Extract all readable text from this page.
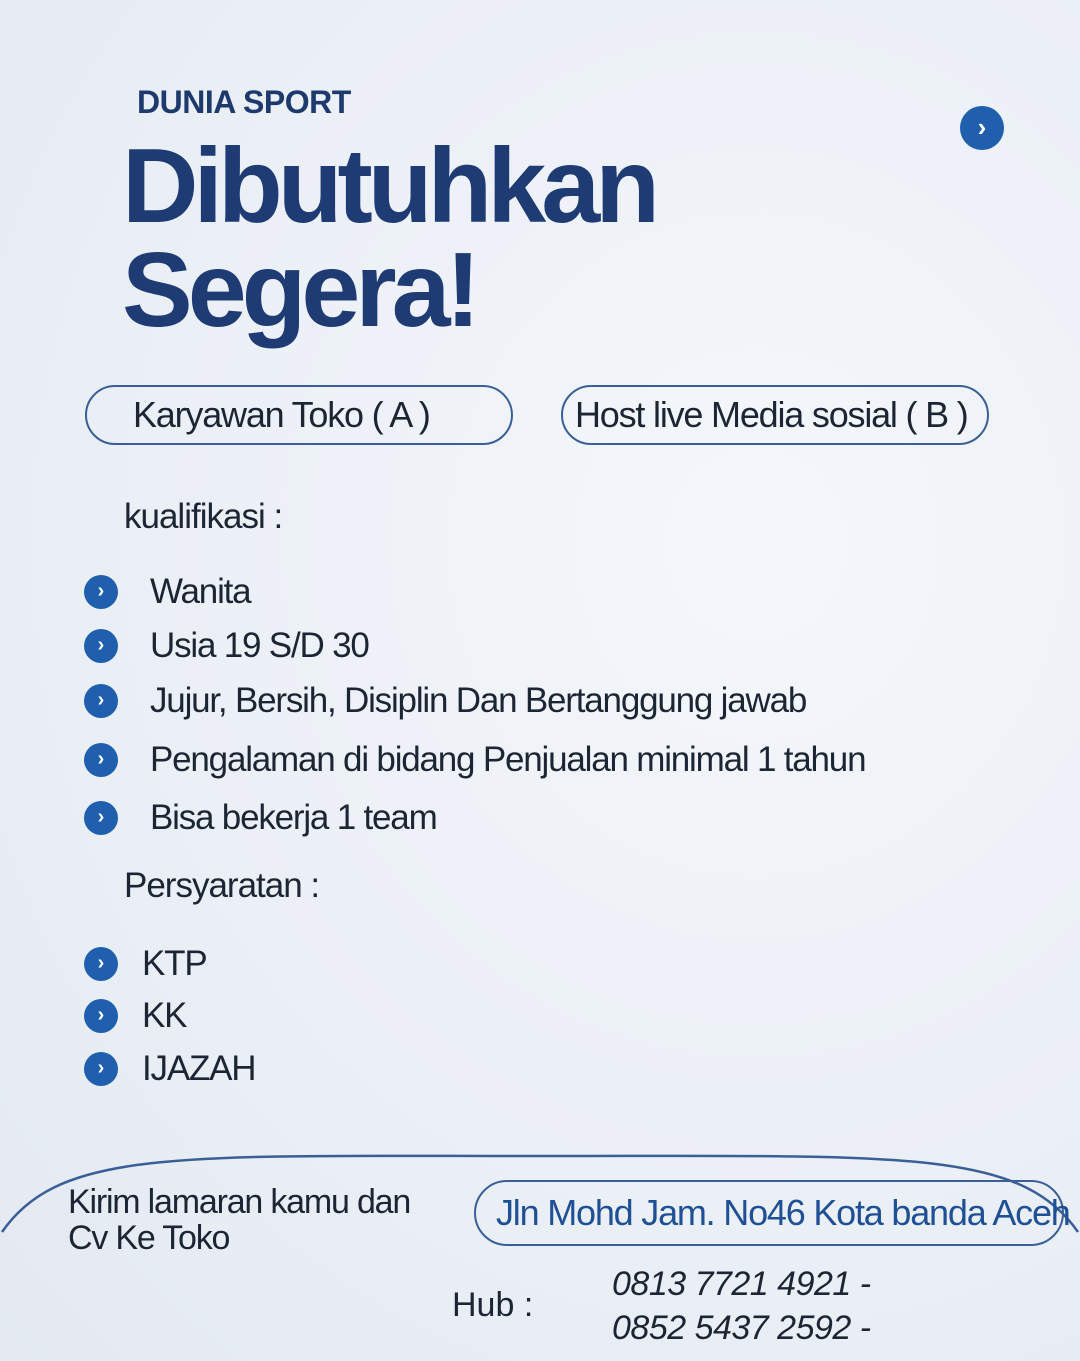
DUNIA SPORT
›
Dibutuhkan
Segera!
Karyawan Toko ( A )	Host live Media sosial ( B )
kualifikasi :
›	Wanita
›	Usia 19 S/D 30
›	Jujur, Bersih, Disiplin Dan Bertanggung jawab
›	Pengalaman di bidang Penjualan minimal 1 tahun
›	Bisa bekerja 1 team
Persyaratan :
›	KTP
›	KK
›	IJAZAH
Kirim lamaran kamu dan
Cv Ke Toko
Jln Mohd Jam. No46 Kota banda Aceh
Hub :
0813 7721 4921 -
0852 5437 2592 -
